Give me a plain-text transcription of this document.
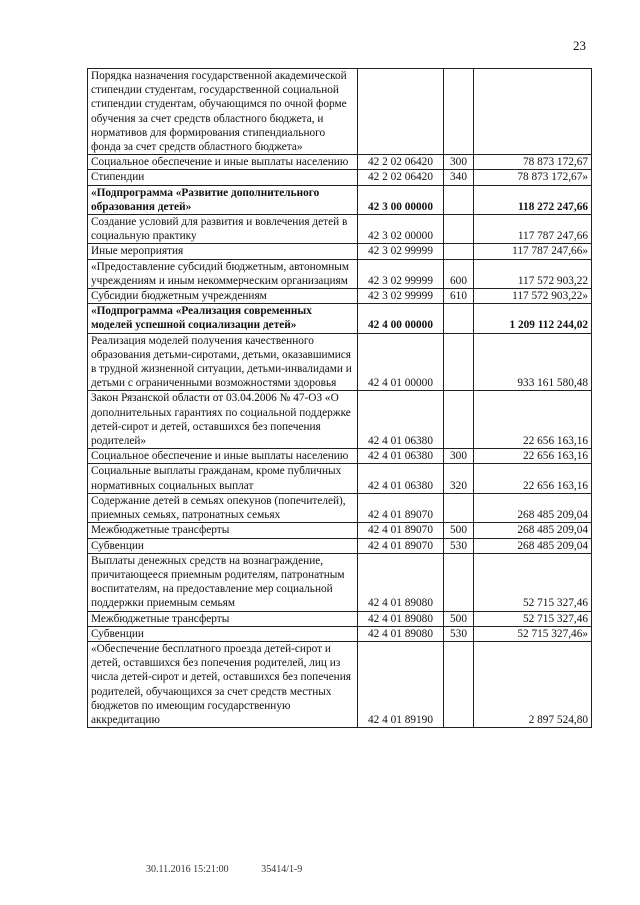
23
Порядка назначения государственной академической стипендии студентам, государственной социальной стипендии студентам, обучающимся по очной форме обучения за счет средств областного бюджета, и нормативов для формирования стипендиального фонда за счет средств областного бюджета»			
Социальное обеспечение и иные выплаты населению	42 2 02 06420	300	78 873 172,67
Стипендии	42 2 02 06420	340	78 873 172,67»
«Подпрограмма «Развитие дополнительного образования детей»	42 3 00 00000		118 272 247,66
Создание условий для развития и вовлечения детей в социальную практику	42 3 02 00000		117 787 247,66
Иные мероприятия	42 3 02 99999		117 787 247,66»
«Предоставление субсидий бюджетным, автономным учреждениям и иным некоммерческим организациям	42 3 02 99999	600	117 572 903,22
Субсидии бюджетным учреждениям	42 3 02 99999	610	117 572 903,22»
«Подпрограмма «Реализация современных моделей успешной социализации детей»	42 4 00 00000		1 209 112 244,02
Реализация моделей получения качественного образования детьми-сиротами, детьми, оказавшимися в трудной жизненной ситуации, детьми-инвалидами и детьми с ограниченными возможностями здоровья	42 4 01 00000		933 161 580,48
Закон Рязанской области от 03.04.2006 № 47-ОЗ «О дополнительных гарантиях по социальной поддержке детей-сирот и детей, оставшихся без попечения родителей»	42 4 01 06380		22 656 163,16
Социальное обеспечение и иные выплаты населению	42 4 01 06380	300	22 656 163,16
Социальные выплаты гражданам, кроме публичных нормативных социальных выплат	42 4 01 06380	320	22 656 163,16
Содержание детей в семьях опекунов (попечителей), приемных семьях, патронатных семьях	42 4 01 89070		268 485 209,04
Межбюджетные трансферты	42 4 01 89070	500	268 485 209,04
Субвенции	42 4 01 89070	530	268 485 209,04
Выплаты денежных средств на вознаграждение, причитающееся приемным родителям, патронатным воспитателям, на предоставление мер социальной поддержки приемным семьям	42 4 01 89080		52 715 327,46
Межбюджетные трансферты	42 4 01 89080	500	52 715 327,46
Субвенции	42 4 01 89080	530	52 715 327,46»
«Обеспечение бесплатного проезда детей-сирот и детей, оставшихся без попечения родителей, лиц из числа детей-сирот и детей, оставшихся без попечения родителей, обучающихся за счет средств местных бюджетов по имеющим государственную аккредитацию	42 4 01 89190		2 897 524,80
30.11.2016 15:21:00	35414/1-9
